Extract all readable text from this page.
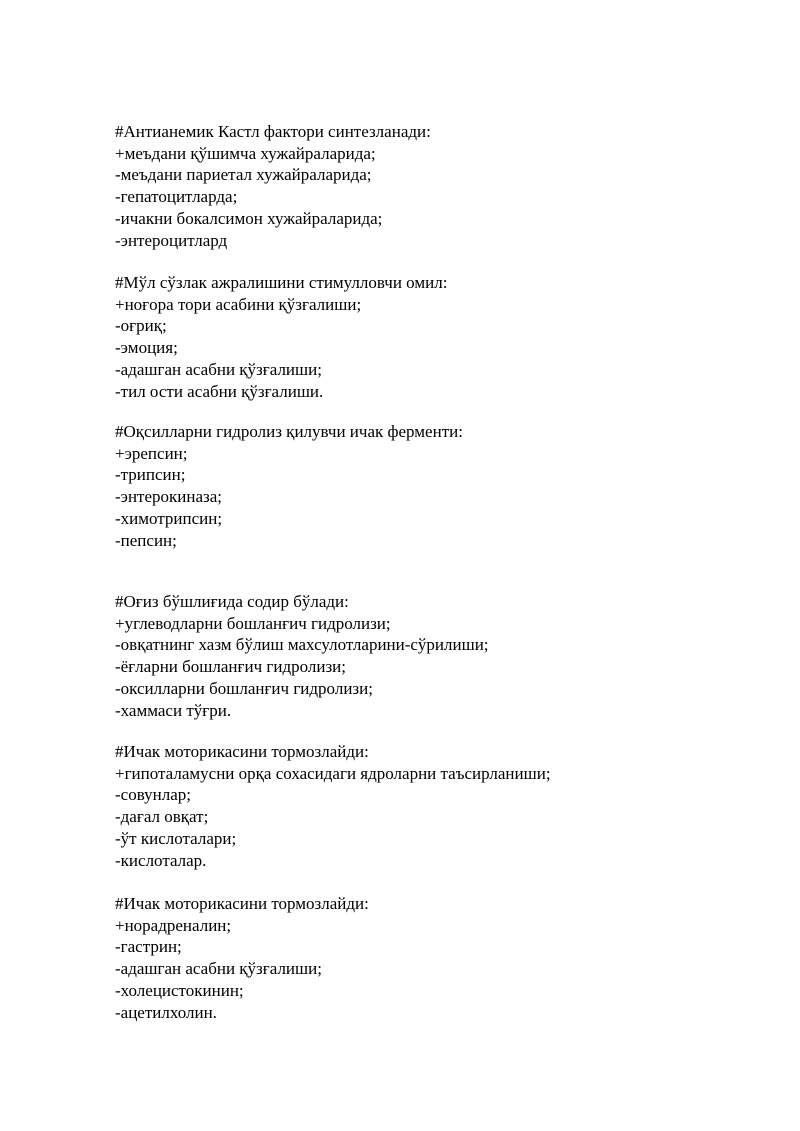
#Антианемик Кастл фактори синтезланади:

+меъдани қўшимча хужайраларида;

-меъдани париетал хужайраларида;

-гепатоцитларда;

-ичакни бокалсимон хужайраларида;

-энтероцитлард

#Мўл сўзлак ажралишини стимулловчи омил:

+ноғора тори асабини қўзғалиши;

-оғриқ;

-эмоция;

-адашган асабни қўзғалиши;

-тил ости асабни қўзғалиши.

#Оқсилларни гидролиз қилувчи ичак ферменти:

+эрепсин;

-трипсин;

-энтерокиназа;

-химотрипсин;

-пепсин;

#Оғиз бўшлиғида содир бўлади:

+углеводларни бошланғич гидролизи;

-овқатнинг хазм бўлиш махсулотларини-сўрилиши;

-ёғларни бошланғич гидролизи;

-оксилларни бошланғич гидролизи;

-хаммаси тўғри.

#Ичак моторикасини тормозлайди:

+гипоталамусни орқа сохасидаги ядроларни таъсирланиши;

-совунлар;

-дағал овқат;

-ўт кислоталари;

-кислоталар.

#Ичак моторикасини тормозлайди:

+норадреналин;

-гастрин;

-адашган асабни қўзғалиши;

-холецистокинин;

-ацетилхолин.
